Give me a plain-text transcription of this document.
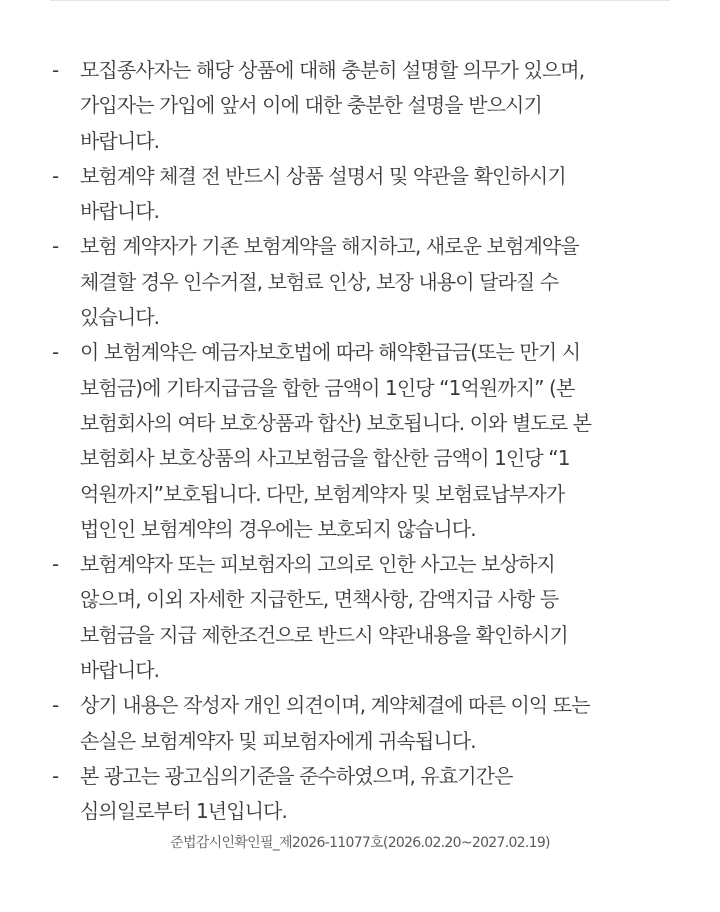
- 모집종사자는 해당 상품에 대해 충분히 설명할 의무가 있으며,
가입자는 가입에 앞서 이에 대한 충분한 설명을 받으시기
바랍니다.
- 보험계약 체결 전 반드시 상품 설명서 및 약관을 확인하시기
바랍니다.
- 보험 계약자가 기존 보험계약을 해지하고, 새로운 보험계약을
체결할 경우 인수거절, 보험료 인상, 보장 내용이 달라질 수
있습니다.
- 이 보험계약은 예금자보호법에 따라 해약환급금(또는 만기 시
보험금)에 기타지급금을 합한 금액이 1인당 “1억원까지” (본
보험회사의 여타 보호상품과 합산) 보호됩니다. 이와 별도로 본
보험회사 보호상품의 사고보험금을 합산한 금액이 1인당 “1
억원까지”보호됩니다. 다만, 보험계약자 및 보험료납부자가
법인인 보험계약의 경우에는 보호되지 않습니다.
- 보험계약자 또는 피보험자의 고의로 인한 사고는 보상하지
않으며, 이외 자세한 지급한도, 면책사항, 감액지급 사항 등
보험금을 지급 제한조건으로 반드시 약관내용을 확인하시기
바랍니다.
- 상기 내용은 작성자 개인 의견이며, 계약체결에 따른 이익 또는
손실은 보험계약자 및 피보험자에게 귀속됩니다.
- 본 광고는 광고심의기준을 준수하였으며, 유효기간은
심의일로부터 1년입니다.
준법감시인확인필_제2026-11077호(2026.02.20~2027.02.19)
